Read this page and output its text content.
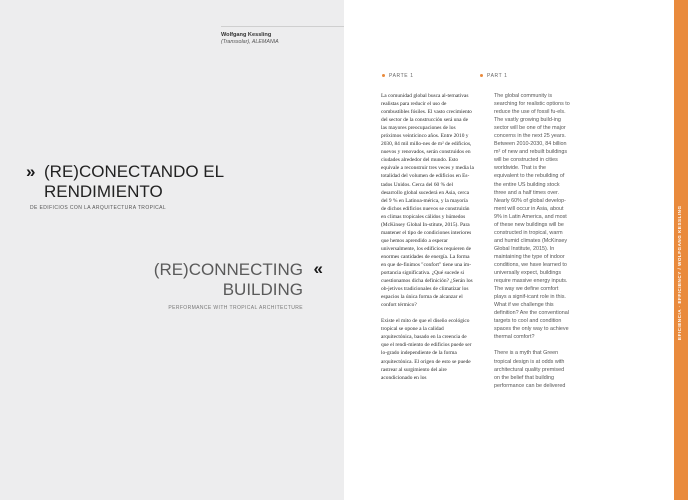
Wolfgang Kessling
(Transsolar), ALEMANIA
» (RE)CONECTANDO EL
RENDIMIENTO
DE EDIFICIOS CON LA ARQUITECTURA TROPICAL
(RE)CONNECTING «
BUILDING
PERFORMANCE WITH TROPICAL ARCHITECTURE
PARTE 1	PART 1

La comunidad global busca al-ternativas realistas para reducir el uso de combustibles fósiles. El vasto crecimiento del sector de la construcción será una de las mayores preocupaciones de los próximos veinticinco años. Entre 2010 y 2030, 84 mil millo-nes de m² de edificios, nuevos y renovados, serán construidos en ciudades alrededor del mundo. Esto equivale a reconstruir tres veces y media la totalidad del volumen de edificios en Es-tados Unidos. Cerca del 60 % del desarrollo global sucederá en Asia, cerca del 9 % en Latinoa-mérica, y la mayoría de dichos edificios nuevos se construirán en climas tropicales cálidos y húmedos (McKinsey Global In-stitute, 2015). Para mantener el tipo de condiciones interiores que hemos aprendido a esperar universalmente, los edificios requieren de enormes cantidades de energía. La forma en que de-finimos "confort" tiene una im-portancia significativa. ¿Qué sucede si cuestionamos dicha definición? ¿Serán los ob-jetivos tradicionales de climatizar los espacios la única forma de alcanzar el confort térmico?

Existe el mito de que el diseño ecológico tropical se opone a la calidad arquitectónica, basado en la creencia de que el rendi-miento de edificios puede ser lo-grado independiente de la forma arquitectónica. El origen de esto se puede rastrear al surgimiento del aire acondicionado en los

The global community is searching for realistic options to reduce the use of fossil fu-els. The vastly growing build-ing sector will be one of the major concerns in the next 25 years. Between 2010-2030, 84 billion m² of new and rebuilt buildings will be constructed in cities worldwide. That is the equivalent to the rebuilding of the entire US building stock three and a half times over. Nearly 60% of global develop-ment will occur in Asia, about 9% in Latin America, and most of these new buildings will be constructed in tropical, warm and humid climates (McKinsey Global Institute, 2015). In maintaining the type of indoor conditions, we have learned to universally expect, buildings require massive energy inputs. The way we define comfort plays a signif-icant role in this. What if we challenge this definition? Are the conventional targets to cool and condition spaces the only way to achieve thermal comfort?

There is a myth that Green tropical design is at odds with architectural quality premised on the belief that building performance can be delivered

EFICIENCIA · EFFICIENCY / WOLFGANG KESSLING
